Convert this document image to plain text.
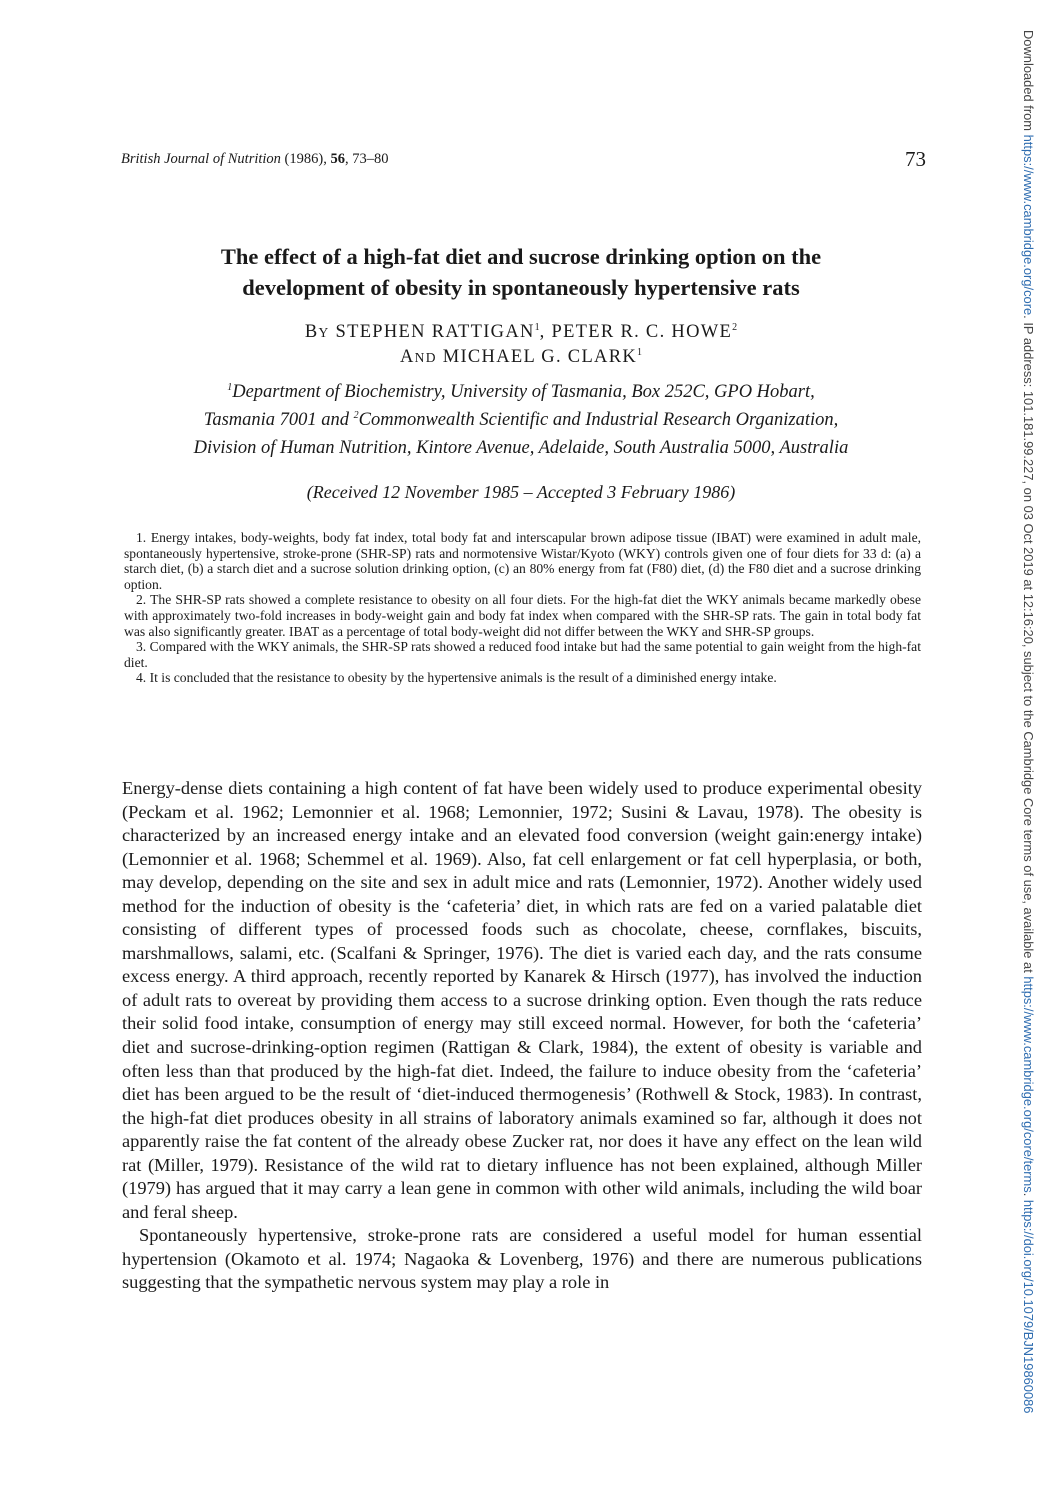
British Journal of Nutrition (1986), 56, 73–80	73
The effect of a high-fat diet and sucrose drinking option on the
development of obesity in spontaneously hypertensive rats
BY STEPHEN RATTIGAN$^1$, PETER R. C. HOWE$^2$
AND MICHAEL G. CLARK$^1$
$^1$Department of Biochemistry, University of Tasmania, Box 252C, GPO Hobart,
Tasmania 7001 and $^2$Commonwealth Scientific and Industrial Research Organization,
Division of Human Nutrition, Kintore Avenue, Adelaide, South Australia 5000, Australia
(Received 12 November 1985 – Accepted 3 February 1986)

1. Energy intakes, body-weights, body fat index, total body fat and interscapular brown adipose tissue (IBAT) were examined in adult male, spontaneously hypertensive, stroke-prone (SHR-SP) rats and normotensive Wistar/Kyoto (WKY) controls given one of four diets for 33 d: (a) a starch diet, (b) a starch diet and a sucrose solution drinking option, (c) an 80% energy from fat (F80) diet, (d) the F80 diet and a sucrose drinking option.

2. The SHR-SP rats showed a complete resistance to obesity on all four diets. For the high-fat diet the WKY animals became markedly obese with approximately two-fold increases in body-weight gain and body fat index when compared with the SHR-SP rats. The gain in total body fat was also significantly greater. IBAT as a percentage of total body-weight did not differ between the WKY and SHR-SP groups.

3. Compared with the WKY animals, the SHR-SP rats showed a reduced food intake but had the same potential to gain weight from the high-fat diet.

4. It is concluded that the resistance to obesity by the hypertensive animals is the result of a diminished energy intake.

Energy-dense diets containing a high content of fat have been widely used to produce experimental obesity (Peckam et al. 1962; Lemonnier et al. 1968; Lemonnier, 1972; Susini & Lavau, 1978). The obesity is characterized by an increased energy intake and an elevated food conversion (weight gain:energy intake) (Lemonnier et al. 1968; Schemmel et al. 1969). Also, fat cell enlargement or fat cell hyperplasia, or both, may develop, depending on the site and sex in adult mice and rats (Lemonnier, 1972). Another widely used method for the induction of obesity is the ‘cafeteria’ diet, in which rats are fed on a varied palatable diet consisting of different types of processed foods such as chocolate, cheese, cornflakes, biscuits, marshmallows, salami, etc. (Scalfani & Springer, 1976). The diet is varied each day, and the rats consume excess energy. A third approach, recently reported by Kanarek & Hirsch (1977), has involved the induction of adult rats to overeat by providing them access to a sucrose drinking option. Even though the rats reduce their solid food intake, consumption of energy may still exceed normal. However, for both the ‘cafeteria’ diet and sucrose-drinking-option regimen (Rattigan & Clark, 1984), the extent of obesity is variable and often less than that produced by the high-fat diet. Indeed, the failure to induce obesity from the ‘cafeteria’ diet has been argued to be the result of ‘diet-induced thermogenesis’ (Rothwell & Stock, 1983). In contrast, the high-fat diet produces obesity in all strains of laboratory animals examined so far, although it does not apparently raise the fat content of the already obese Zucker rat, nor does it have any effect on the lean wild rat (Miller, 1979). Resistance of the wild rat to dietary influence has not been explained, although Miller (1979) has argued that it may carry a lean gene in common with other wild animals, including the wild boar and feral sheep.

Spontaneously hypertensive, stroke-prone rats are considered a useful model for human essential hypertension (Okamoto et al. 1974; Nagaoka & Lovenberg, 1976) and there are numerous publications suggesting that the sympathetic nervous system may play a role in

Downloaded from https://www.cambridge.org/core. IP address: 101.181.99.227, on 03 Oct 2019 at 12:16:20, subject to the Cambridge Core terms of use, available at https://www.cambridge.org/core/terms. https://doi.org/10.1079/BJN19860086
